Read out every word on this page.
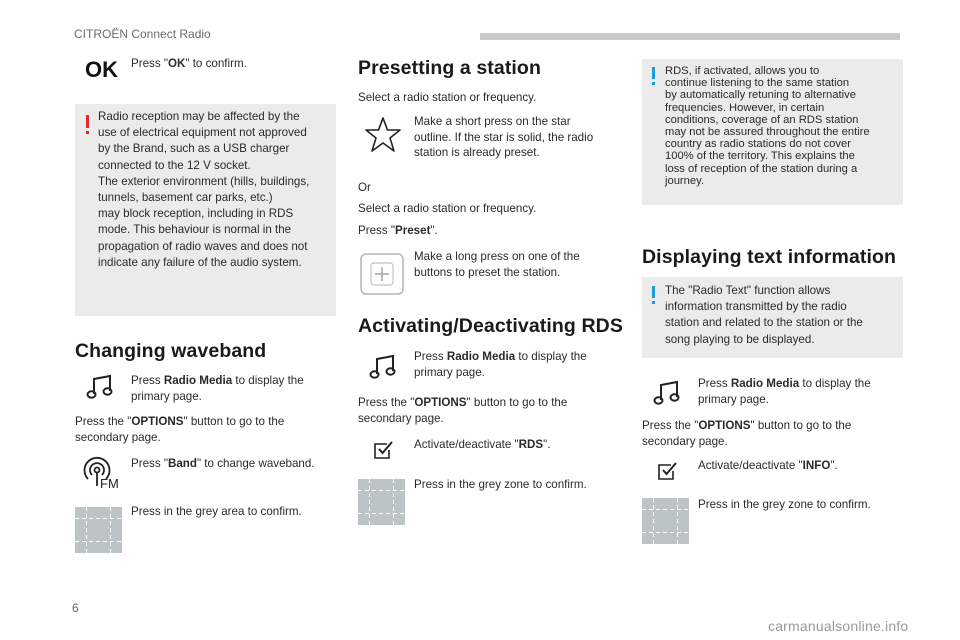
CITROËN Connect Radio
OK Press "OK" to confirm.
Radio reception may be affected by the
use of electrical equipment not approved
by the Brand, such as a USB charger
connected to the 12 V socket.
The exterior environment (hills, buildings,
tunnels, basement car parks, etc.)
may block reception, including in RDS
mode. This behaviour is normal in the
propagation of radio waves and does not
indicate any failure of the audio system.
Changing waveband
Press Radio Media to display the
primary page.
Press the "OPTIONS" button to go to the
secondary page.
FM
Press "Band" to change waveband.
Press in the grey area to confirm.
Presetting a station
Select a radio station or frequency.
Make a short press on the star
outline. If the star is solid, the radio
station is already preset.
Or
Select a radio station or frequency.
Press "Preset".
Make a long press on one of the
buttons to preset the station.
Activating/Deactivating RDS
Press Radio Media to display the
primary page.
Press the "OPTIONS" button to go to the
secondary page.
Activate/deactivate "RDS".
Press in the grey zone to confirm.
RDS, if activated, allows you to
continue listening to the same station
by automatically retuning to alternative
frequencies. However, in certain
conditions, coverage of an RDS station
may not be assured throughout the entire
country as radio stations do not cover
100% of the territory. This explains the
loss of reception of the station during a
journey.
Displaying text information
The "Radio Text" function allows
information transmitted by the radio
station and related to the station or the
song playing to be displayed.
Press Radio Media to display the
primary page.
Press the "OPTIONS" button to go to the
secondary page.
Activate/deactivate "INFO".
Press in the grey zone to confirm.
6
carmanualsonline.info
